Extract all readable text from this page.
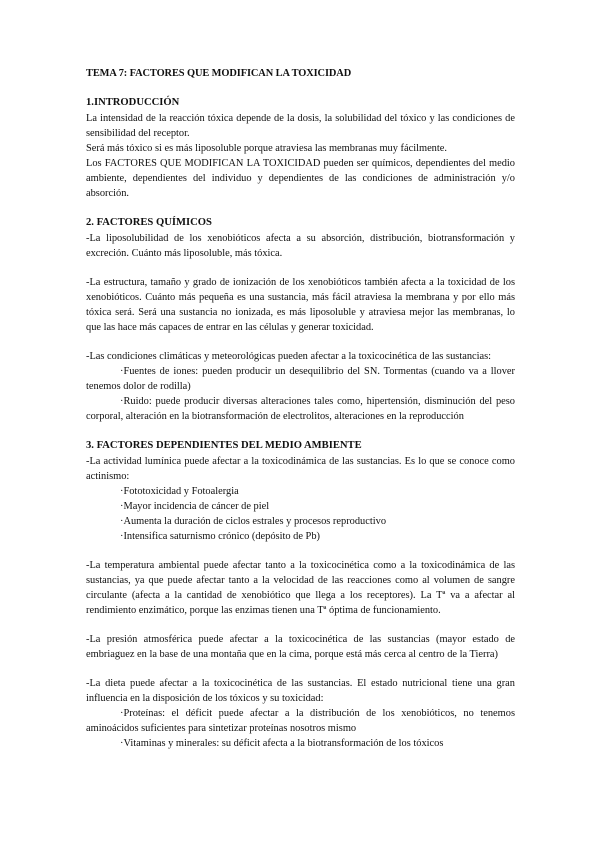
TEMA 7: FACTORES QUE MODIFICAN LA TOXICIDAD

1.INTRODUCCIÓN

La intensidad de la reacción tóxica depende de la dosis, la solubilidad del tóxico y las condiciones de sensibilidad del receptor.

Será más tóxico si es más liposoluble porque atraviesa las membranas muy fácilmente.

Los FACTORES QUE MODIFICAN LA TOXICIDAD pueden ser químicos, dependientes del medio ambiente, dependientes del individuo y dependientes de las condiciones de administración y/o absorción.

2. FACTORES QUÍMICOS

-La liposolubilidad de los xenobióticos afecta a su absorción, distribución, biotransformación y excreción. Cuánto más liposoluble, más tóxica.

-La estructura, tamaño y grado de ionización de los xenobióticos también afecta a la toxicidad de los xenobióticos. Cuánto más pequeña es una sustancia, más fácil atraviesa la membrana y por ello más tóxica será. Será una sustancia no ionizada, es más liposoluble y atraviesa mejor las membranas, lo que las hace más capaces de entrar en las células y generar toxicidad.

-Las condiciones climáticas y meteorológicas pueden afectar a la toxicocinética de las sustancias:

·Fuentes de iones: pueden producir un desequilibrio del SN. Tormentas (cuando va a llover tenemos dolor de rodilla)

·Ruido: puede producir diversas alteraciones tales como, hipertensión, disminución del peso corporal, alteración en la biotransformación de electrolitos, alteraciones en la reproducción

3. FACTORES DEPENDIENTES DEL MEDIO AMBIENTE

-La actividad lumínica puede afectar a la toxicodinámica de las sustancias. Es lo que se conoce como actinismo:

·Fototoxicidad y Fotoalergia

·Mayor incidencia de cáncer de piel

·Aumenta la duración de ciclos estrales y procesos reproductivo

·Intensifica saturnismo crónico (depósito de Pb)

-La temperatura ambiental puede afectar tanto a la toxicocinética como a la toxicodinámica de las sustancias, ya que puede afectar tanto a la velocidad de las reacciones como al volumen de sangre circulante (afecta a la cantidad de xenobiótico que llega a los receptores). La Tª va a afectar al rendimiento enzimático, porque las enzimas tienen una Tª óptima de funcionamiento.

-La presión atmosférica puede afectar a la toxicocinética de las sustancias (mayor estado de embriaguez en la base de una montaña que en la cima, porque está más cerca al centro de la Tierra)

-La dieta puede afectar a la toxicocinética de las sustancias. El estado nutricional tiene una gran influencia en la disposición de los tóxicos y su toxicidad:

·Proteínas: el déficit puede afectar a la distribución de los xenobióticos, no tenemos aminoácidos suficientes para sintetizar proteínas nosotros mismo

·Vitaminas y minerales: su déficit afecta a la biotransformación de los tóxicos
